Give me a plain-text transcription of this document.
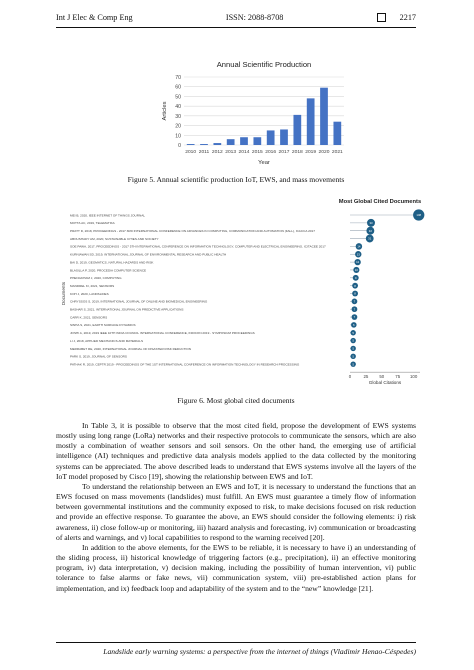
Int J Elec & Comp Eng	ISSN: 2088-8708	2217
Annual Scientific Production
0
10
20
30
40
50
60
70
2010 2011 2012 2013 2014 2015 2016 2017 2018 2019 2020 2021
Year
Articles
Figure 5. Annual scientific production IoT, EWS, and mass movements
Most Global Cited Documents
Documents
MEI B, 2020, IEEE INTERNET OF THINGS JOURNAL	108
MOTTA AC, 2019, TELEMATIKA	33
PRATT D, 2018, PROCEEDINGS - 2017 3RD INTERNATIONAL CONFERENCE ON ADVANCES IN COMPUTING, COMMUNICATION AND AUTOMATION (FALL), ICACCA 2017	32
ABOUSHADY AM, 2020, SUSTAINABLE CITIES AND SOCIETY	31
SOE PAWA, 2017, PROCEEDINGS - 2017 5TH INTERNATIONAL CONFERENCE ON INFORMATION TECHNOLOGY, COMPUTER AND ELECTRICAL ENGINEERING, ICITACEE 2017	14
KURNIAWAN SD, 2019, INTERNATIONAL JOURNAL OF ENVIRONMENTAL RESEARCH AND PUBLIC HEALTH	13
BAI D, 2019, GEOMATICS, NATURAL HAZARDS AND RISK	12
BLASILLA P, 2020, PROCEDIA COMPUTER SCIENCE	10
PHENGKHAM J, 2020, COMPUTING	9
MANDREL KI, 2021, SENSORS	8
KOH J, 2020, LANDSLIDES	8
CHRYSSOS S, 2019, INTERNATIONAL JOURNAL OF ONLINE AND BIOMEDICAL ENGINEERING	7
BASHAR S, 2021, INTERNATIONAL JOURNAL ON PREDICTIVE APPLICATIONS	7
CARR K, 2021, SENSORS	7
SINHA S, 2021, EARTH SURFACE DYNAMICS	6
JOSHI A, 2019, 2019 IEEE 10TH INDIA COUNCIL INTERNATIONAL CONFERENCE, INDICON 2019 - SYMPOSIUM PROCEEDINGS	5
LI J, 2018, APPLIED MECHANICS AND MATERIALS	5
MERRABET RE, 2020, INTERNATIONAL JOURNAL OF DISASTER RISK REDUCTION	5
PARK S, 2019, JOURNAL OF SENSORS	5
PATHAK R, 2019, CEPTR 2019 - PROCEEDINGS OF THE 1ST INTERNATIONAL CONFERENCE ON INFORMATION TECHNOLOGY IN RESEARCH PROCESSING	5
0	25	50	75 100
Global Citations
Figure 6. Most global cited documents

In Table 3, it is possible to observe that the most cited field, propose the development of EWS systems mostly using long range (LoRa) networks and their respective protocols to communicate the sensors, which are also mostly a combination of weather sensors and soil sensors. On the other hand, the emerging use of artificial intelligence (AI) techniques and predictive data analysis models applied to the data collected by the monitoring systems can be appreciated. The above described leads to understand that EWS systems involve all the layers of the IoT model proposed by Cisco [19], showing the relationship between EWS and IoT.

To understand the relationship between an EWS and IoT, it is necessary to understand the functions that an EWS focused on mass movements (landslides) must fulfill. An EWS must guarantee a timely flow of information between governmental institutions and the community exposed to risk, to make decisions focused on risk reduction and provide an effective response. To guarantee the above, an EWS should consider the following elements: i) risk awareness, ii) close follow-up or monitoring, iii) hazard analysis and forecasting, iv) communication or broadcasting of alerts and warnings, and v) local capabilities to respond to the warning received [20].

In addition to the above elements, for the EWS to be reliable, it is necessary to have i) an understanding of the sliding process, ii) historical knowledge of triggering factors (e.g., precipitation), ii) an effective monitoring program, iv) data interpretation, v) decision making, including the possibility of human intervention, vi) public tolerance to false alarms or fake news, vii) communication system, viii) pre-established action plans for implementation, and ix) feedback loop and adaptability of the system and to the “new” knowledge [21].

Landslide early warning systems: a perspective from the internet of things (Vladimir Henao-Céspedes)
